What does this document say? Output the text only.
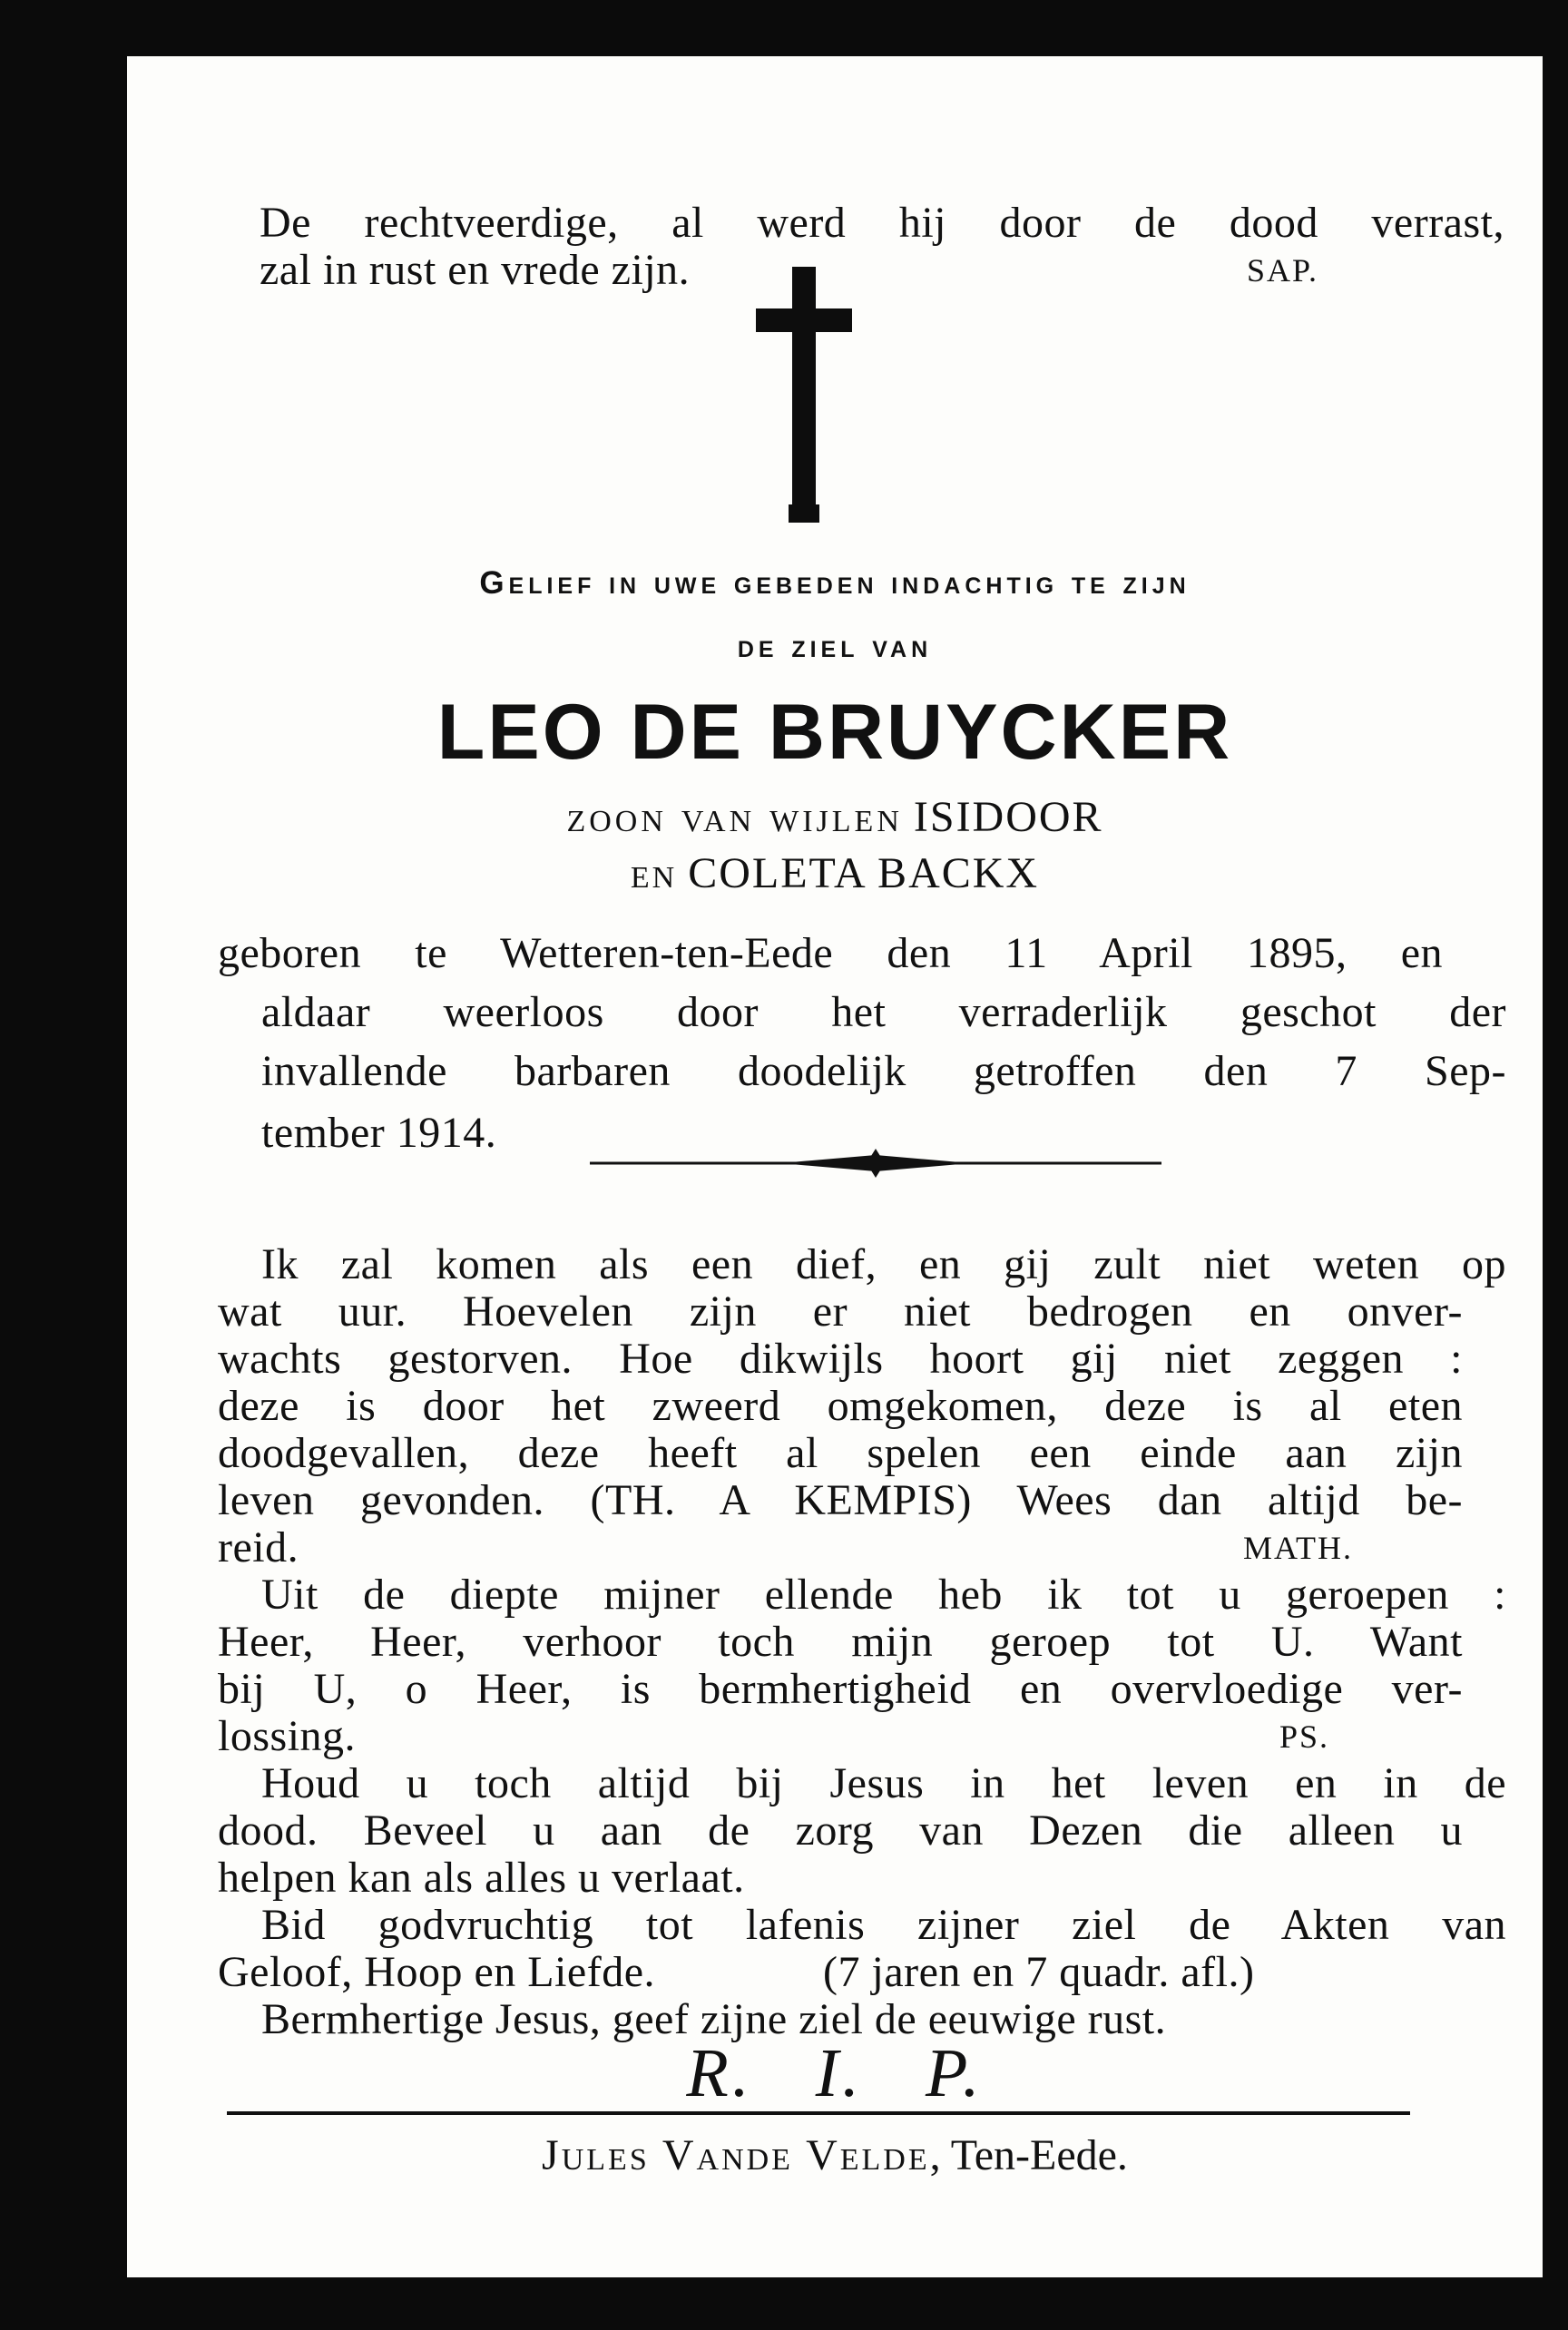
De rechtveerdige, al werd hij door de dood verrast,
zal in rust en vrede zijn.	SAP.
Gelief in uwe gebeden indachtig te zijn
de ziel van
LEO DE BRUYCKER
zoon van wijlen ISIDOOR
en COLETA BACKX
geboren te Wetteren-ten-Eede den 11 April 1895, en
aldaar weerloos door het verraderlijk geschot der
invallende barbaren doodelijk getroffen den 7 Sep-
tember 1914.
Ik zal komen als een dief, en gij zult niet weten op
wat uur. Hoevelen zijn er niet bedrogen en onver-
wachts gestorven. Hoe dikwijls hoort gij niet zeggen :
deze is door het zweerd omgekomen, deze is al eten
doodgevallen, deze heeft al spelen een einde aan zijn
leven gevonden. (TH. A KEMPIS) Wees dan altijd be-
reid.	MATH.
Uit de diepte mijner ellende heb ik tot u geroepen :
Heer, Heer, verhoor toch mijn geroep tot U. Want
bij U, o Heer, is bermhertigheid en overvloedige ver-
lossing.	PS.
Houd u toch altijd bij Jesus in het leven en in de
dood. Beveel u aan de zorg van Dezen die alleen u
helpen kan als alles u verlaat.
Bid godvruchtig tot lafenis zijner ziel de Akten van
Geloof, Hoop en Liefde.	(7 jaren en 7 quadr. afl.)
Bermhertige Jesus, geef zijne ziel de eeuwige rust.
R.   I.   P.
Jules Vande Velde, Ten-Eede.
